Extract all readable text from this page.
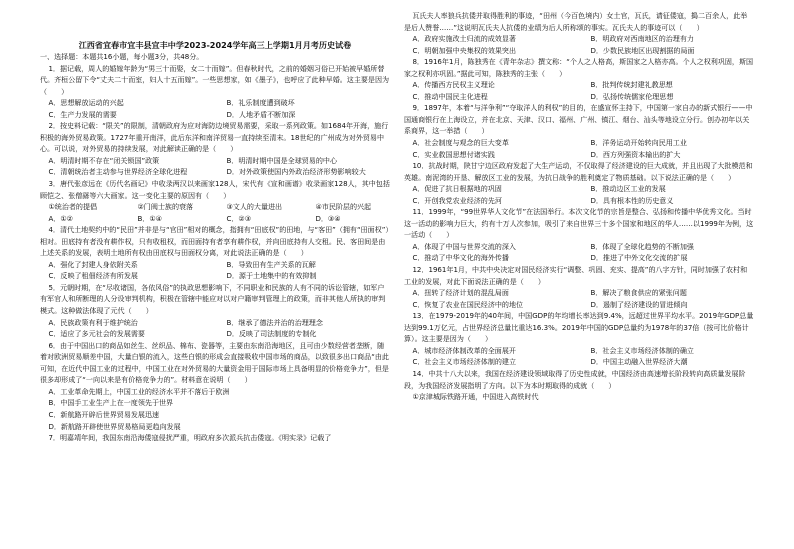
江西省宜春市宜丰县宜丰中学2023-2024学年高三上学期1月月考历史试卷
一、选择题：本题共16小题，每小题3分，共48分。

1．据记载，周人的婚嫁年龄为“男三十而娶，女二十而嫁”。但春秋时代，之前的婚姻习俗已开始被早婚所替代。齐桓公留下令“丈夫二十而室，妇人十五而嫁”。一些思想家，如《墨子》，也呼应了此种早婚。这主要是因为（　　）

A．思想解放运动的兴起	B．礼乐制度遭到破坏
C．生产力发展的需要	D．人地矛盾不断加深

2．按史料记载：“限关”的限制，清朝政府为应对海防边境贸易需要，采取一系列政策。如1684年开海，施行积极的海外贸易政策。1727年重开南洋，此后东洋和南洋贸易一直持续至清末。18世纪的广州成为对外贸易中心。可以说，对外贸易的持续发展，对此解读正确的是（　　）

A．明清时期不存在“闭关锁国”政策	B．明清时期中国是全球贸易的中心
C．清朝统治者主动参与世界经济全球化进程	D．对外政策使国内外政治经济形势影响较大

3．唐代张彦远在《历代名画记》中收录两汉以来画家128人，宋代有《宣和画谱》收录画家128人，其中包括顾恺之、张僧繇等六大画家。这一变化主要的原因有（　　）

①统治者的提倡	②门阀士族的衰落	③文人的大量进出	④市民阶层的兴起
A．①②	B．①④	C．②③	D．③④

4．清代土地契约中的“民田”并非是与“官田”相对的概念，指拥有“田底权”的田地，与“客田”（拥有“田面权”）相对。田底持有者没有耕作权，只有收租权，而田面持有者享有耕作权，并向田底持有人交租。民、客田间是由上述关系的发展，表明土地所有权由田底权与田面权分离，对此说法正确的是（　　）

A．强化了封建人身依附关系	B．导致田有生产关系的瓦解
C．反映了租佃经济有所发展	D．源于土地集中的有效抑制

5．元朝时期，在“尽收诸国，各依风俗”的执政思想影响下，不同职业和民族的人有不同的诉讼管辖，如军户有军官人和所断理的人分设审判机构，积极在管辖中能应对以对户籍审判管理上的政策，而非其他人所执的审判模式。这种做法体现了元代（　　）

A．民族政策有利于维护统治	B．继承了德法并治的治理理念
C．适应了多元社会的发展需要	D．反映了司法制度的专制化

6．由于中国出口的商品如丝生、丝织品、棉布、瓷器等，主要由东南沿海地区，且可由少数经营者垄断，随着对欧洲贸易顺差中国，大量白银的流入，这些白银的形成会直接吸收中国市场的商品，以致很多出口商品“由此可知，在近代中国工业的过程中，中国工业在对外贸易的大量资金用于国际市场上具备明显的价格竞争力”，但是很多却形成了“一向以来是有价格竞争力的”。材料意在说明（　　）

A．工业革命先期上，中国工业的经济水平并不落后于欧洲
B．中国手工业生产上在一度领先于世界
C．新航路开辟后世界贸易发展迅速
D．新航路开辟使世界贸易格局更趋向发展

7．明嘉靖年间，我国东南沿海倭寇侵扰严重，明政府多次派兵抗击倭寇。《明实录》记载了

瓦氏夫人率狼兵抗倭并取得胜利的事迹，“田州（今百色境内）女土官，瓦氏，请征倭寇，搗二百余人，此举是后人赞誉……”这说明瓦氏夫人抗倭的业绩为后人所称颂的事实。瓦氏夫人的事迹可以（　　）

A．政府实施改土归流的成效显著	B．明政府对西南地区的治理有力
C．明朝加强中央集权的效果突出	D．少数民族地区出现割据的局面

8．1916年1月，陈独秀在《青年杂志》撰文称：“个人之人格高，斯国家之人格亦高。个人之权利巩固，斯国家之权利亦巩固。”据此可知，陈独秀的主张（　　）

A．传播西方民权主义理论	B．批判传统封建礼教思想
C．推动中国民主化进程	D．弘扬传统儒家伦理思想

9．1897年，本着“与洋争利”“夺取洋人的利权”的目的，在盛宣怀主持下，中国第一家自办的新式银行——中国通商银行在上海设立，并在北京、天津、汉口、福州、广州、镇江、烟台、汕头等地设立分行。创办初年以关系商界，这一举措（　　）

A．社会制度与观念的巨大变革	B．洋务运动开始转向民用工业
C．实业救国思想付诸实践	D．西方列强资本输出的扩大

10．抗战时期，陕甘宁边区政府发起了大生产运动，不仅取得了经济建设的巨大成就，并且出现了大批模范和英雄。南泥湾的开垦、解放区工业的发展，为抗日战争的胜利奠定了物质基础。以下说法正确的是（　　）

A．促进了抗日根据地的巩固	B．推动边区工业的发展
C．开创我党农业经济的先河	D．具有根本性的历史意义

11．1999年，“99世界华人文化节”在法国举行。本次文化节的宗旨是整合、弘扬和传播中华优秀文化。当时这一活动的影响力巨大，约有十万人次参加，吸引了来自世界三十多个国家和地区的华人……以1999年为例，这一活动（　　）

A．体现了中国与世界交流的深入	B．体现了全球化趋势的不断加强
C．推动了中华文化的海外传播	D．推进了中外文化交流的扩展

12．1961年1月，中共中央决定对国民经济实行“调整、巩固、充实、提高”的八字方针，同时加强了农村和工业的发展，对此下面说法正确的是（　　）

A．扭转了经济计划的混乱局面	B．解决了粮食供应的紧张问题
C．恢复了农业在国民经济中的地位	D．遏制了经济建设的冒进倾向

13．在1979-2019年的40年间，中国GDP的年均增长率达到9.4%，远超过世界平均水平。2019年GDP总量达到99.1万亿元，占世界经济总量比重达16.3%。2019年中国的GDP总量约为1978年的37倍（按可比价格计算）。这主要是因为（　　）

A．城市经济体制改革的全面展开	B．社会主义市场经济体制的确立
C．社会主义市场经济体制的建立	D．中国主动融入世界经济大潮

14．中共十八大以来，我国在经济建设领域取得了历史性成就，中国经济由高速增长阶段转向高质量发展阶段，为我国经济发展指明了方向。以下为本时期取得的成就（　　）

①京津城际铁路开通，中国进入高铁时代
